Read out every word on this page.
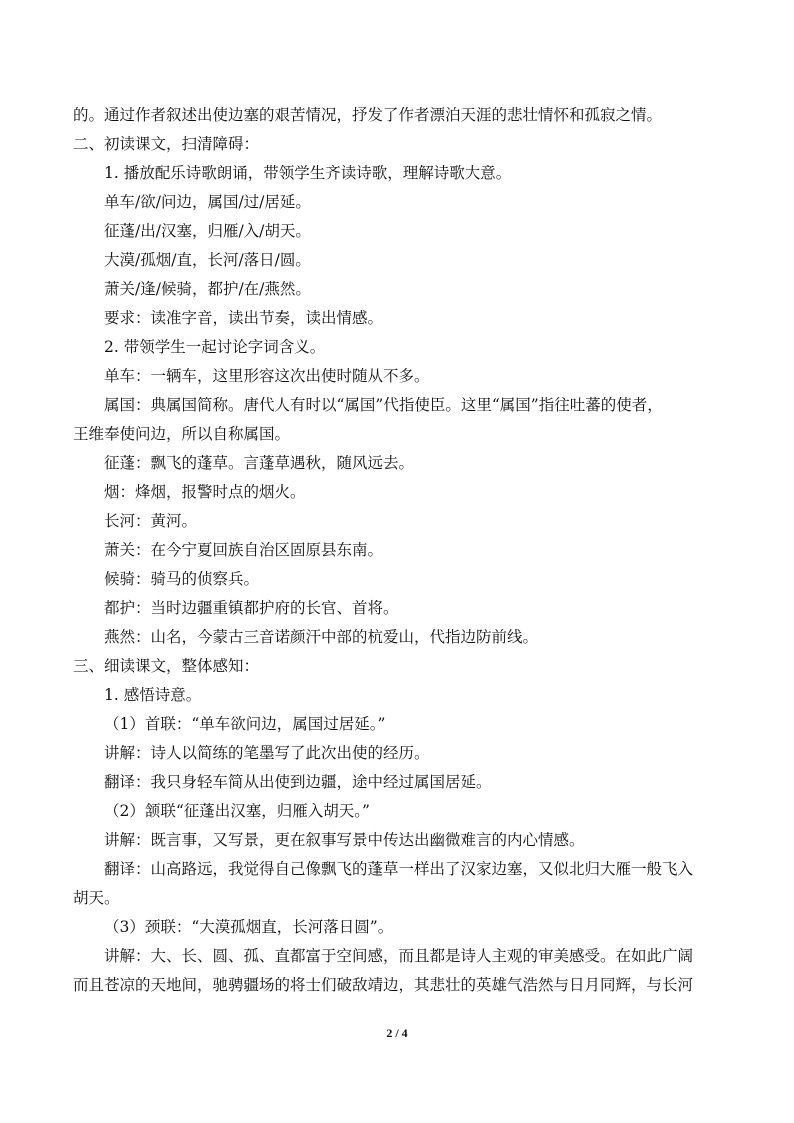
的。通过作者叙述出使边塞的艰苦情况，抒发了作者漂泊天涯的悲壮情怀和孤寂之情。
二、初读课文，扫清障碍：
1. 播放配乐诗歌朗诵，带领学生齐读诗歌，理解诗歌大意。
单车/欲/问边，属国/过/居延。
征蓬/出/汉塞，归雁/入/胡天。
大漠/孤烟/直，长河/落日/圆。
萧关/逢/候骑，都护/在/燕然。
要求：读准字音，读出节奏，读出情感。
2. 带领学生一起讨论字词含义。
单车：一辆车，这里形容这次出使时随从不多。
属国：典属国简称。唐代人有时以“属国”代指使臣。这里“属国”指往吐蕃的使者，
王维奉使问边，所以自称属国。
征蓬：飘飞的蓬草。言蓬草遇秋，随风远去。
烟：烽烟，报警时点的烟火。
长河：黄河。
萧关：在今宁夏回族自治区固原县东南。
候骑：骑马的侦察兵。
都护：当时边疆重镇都护府的长官、首将。
燕然：山名，今蒙古三音诺颜汗中部的杭爱山，代指边防前线。
三、细读课文，整体感知：
1. 感悟诗意。
（1）首联：“单车欲问边，属国过居延。”
讲解：诗人以简练的笔墨写了此次出使的经历。
翻译：我只身轻车简从出使到边疆，途中经过属国居延。
（2）颔联“征蓬出汉塞，归雁入胡天。”
讲解：既言事，又写景，更在叙事写景中传达出幽微难言的内心情感。
翻译：山高路远，我觉得自己像飘飞的蓬草一样出了汉家边塞，又似北归大雁一般飞入
胡天。
（3）颈联：“大漠孤烟直，长河落日圆”。
讲解：大、长、圆、孤、直都富于空间感，而且都是诗人主观的审美感受。在如此广阔
而且苍凉的天地间，驰骋疆场的将士们破敌靖边，其悲壮的英雄气浩然与日月同辉，与长河
2 / 4
